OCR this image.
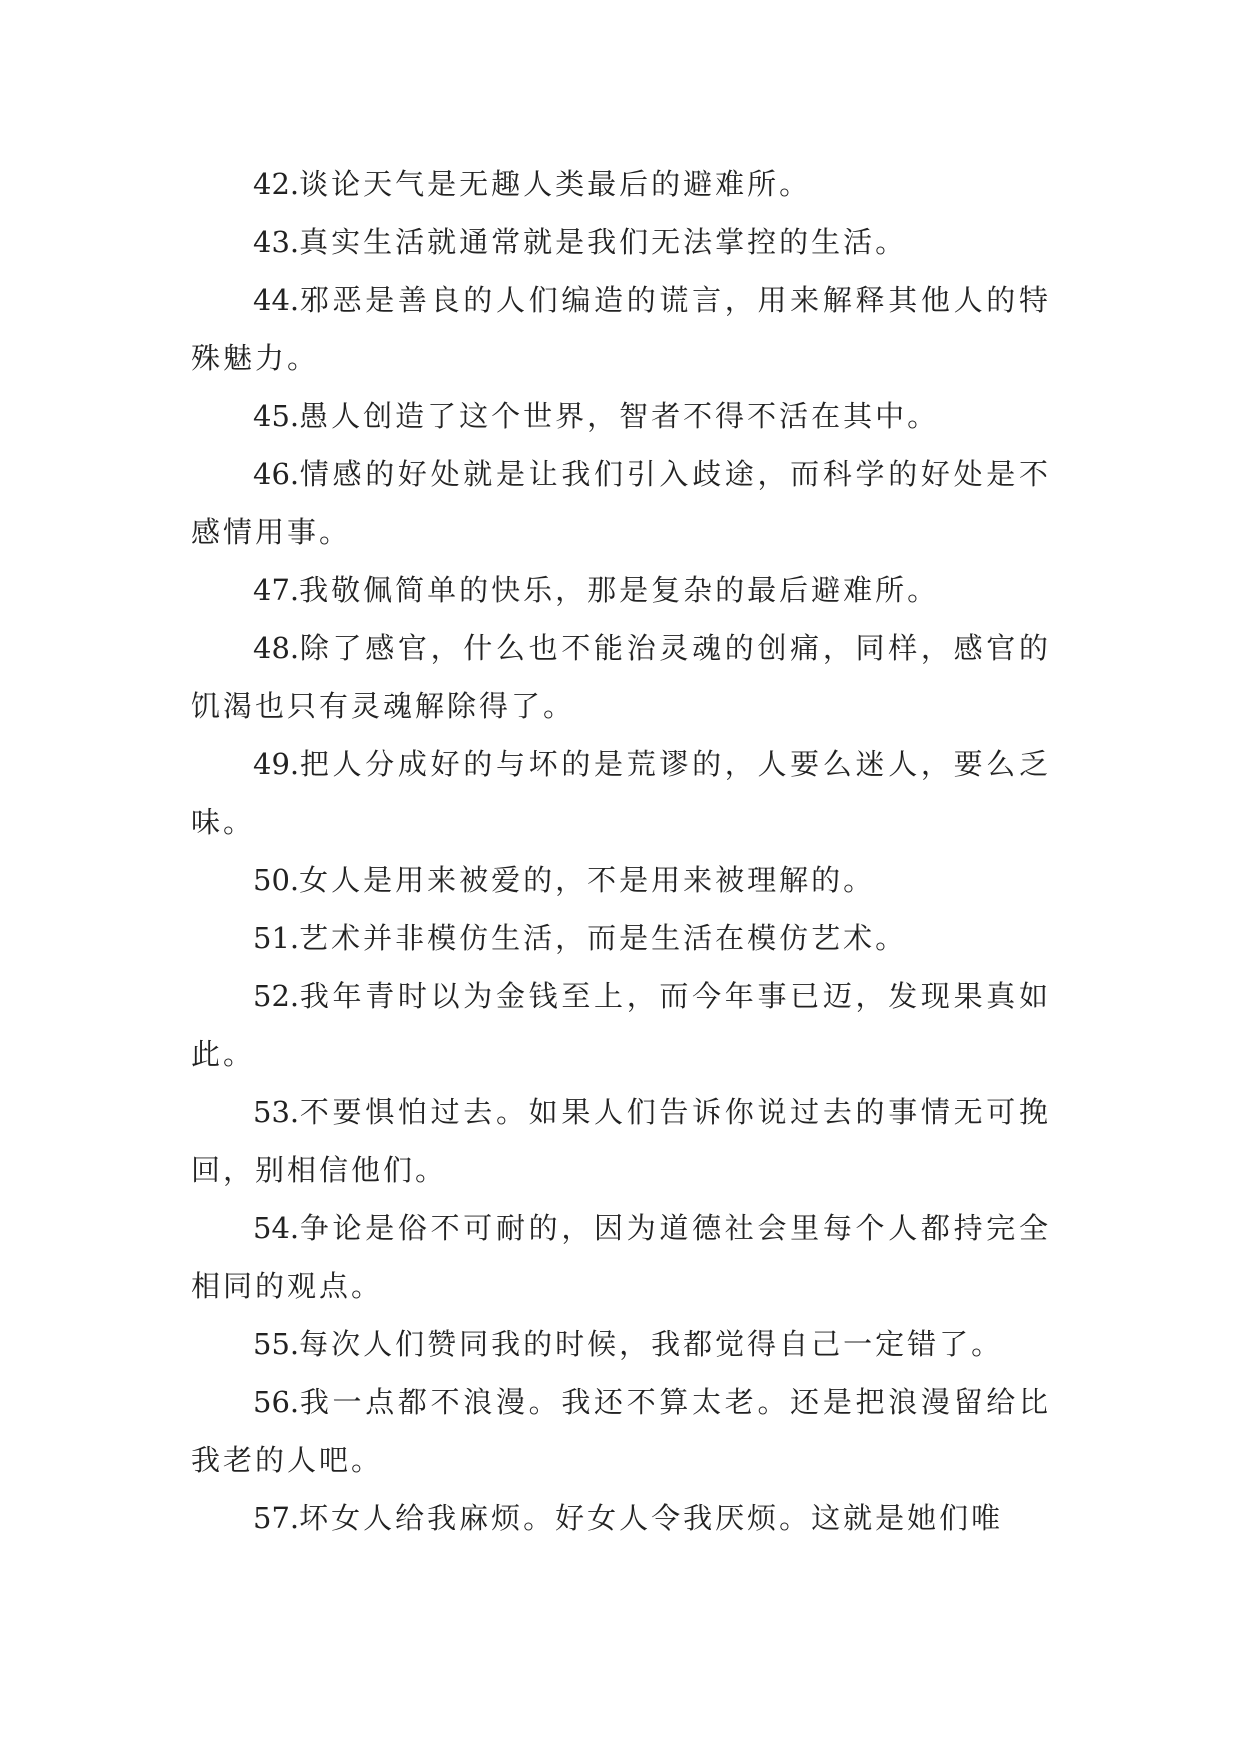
42.谈论天气是无趣人类最后的避难所。

43.真实生活就通常就是我们无法掌控的生活。

44.邪恶是善良的人们编造的谎言，用来解释其他人的特殊魅力。

45.愚人创造了这个世界，智者不得不活在其中。

46.情感的好处就是让我们引入歧途，而科学的好处是不感情用事。

47.我敬佩简单的快乐，那是复杂的最后避难所。

48.除了感官，什么也不能治灵魂的创痛，同样，感官的饥渴也只有灵魂解除得了。

49.把人分成好的与坏的是荒谬的，人要么迷人，要么乏味。

50.女人是用来被爱的，不是用来被理解的。

51.艺术并非模仿生活，而是生活在模仿艺术。

52.我年青时以为金钱至上，而今年事已迈，发现果真如此。

53.不要惧怕过去。如果人们告诉你说过去的事情无可挽回，别相信他们。

54.争论是俗不可耐的，因为道德社会里每个人都持完全相同的观点。

55.每次人们赞同我的时候，我都觉得自己一定错了。

56.我一点都不浪漫。我还不算太老。还是把浪漫留给比我老的人吧。

57.坏女人给我麻烦。好女人令我厌烦。这就是她们唯
